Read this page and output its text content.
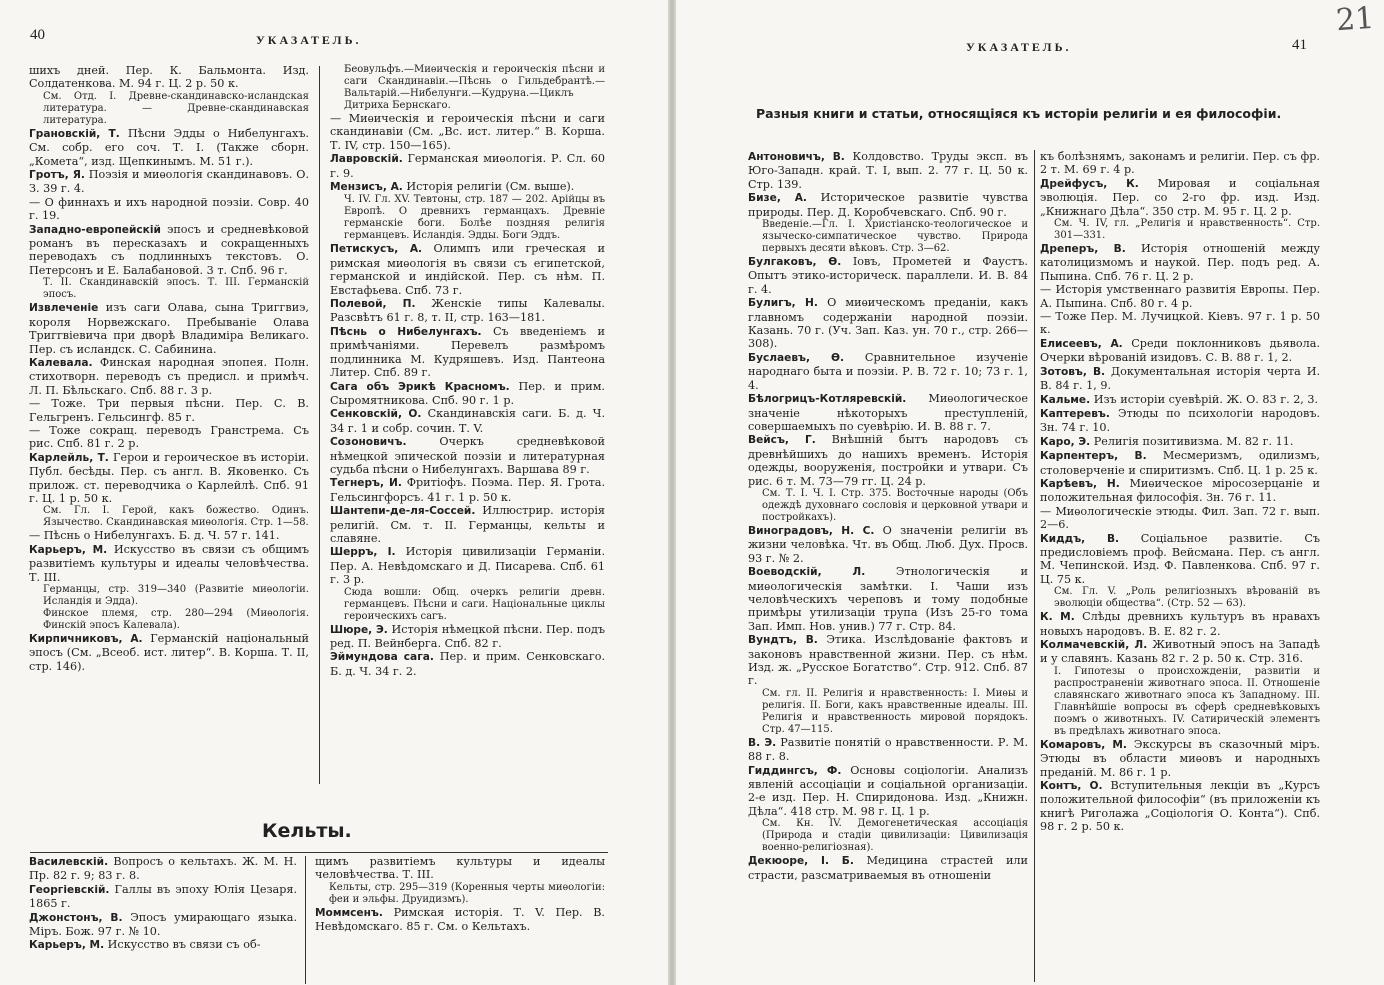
40	УКАЗАТЕЛЬ.

шихъ дней. Пер. К. Бальмонта. Изд. Солдатенкова. М. 94 г. Ц. 2 р. 50 к.

См. Отд. I. Древне-скандинавско-исландская литература. — Древне-скандинавская литература.

Грановскій, Т. Пѣсни Эдды о Нибелунгахъ. См. собр. его соч. Т. I. (Также сборн. „Комета“, изд. Щепкинымъ. М. 51 г.).

Гротъ, Я. Поэзія и миѳологія скандинавовъ. О. З. 39 г. 4.

— О финнахъ и ихъ народной поэзіи. Совр. 40 г. 19.

Западно-европейскій эпосъ и средневѣковой романъ въ пересказахъ и сокращенныхъ переводахъ съ подлинныхъ текстовъ. О. Петерсонъ и Е. Балабановой. 3 т. Спб. 96 г.

Т. II. Скандинавскій эпосъ. Т. III. Германскій эпосъ.

Извлеченіе изъ саги Олава, сына Триггвиэ, короля Норвежскаго. Пребываніе Олава Триггвіевича при дворѣ Владиміра Великаго. Пер. съ исландск. С. Сабинина.

Калевала. Финская народная эпопея. Полн. стихотворн. переводъ съ предисл. и примѣч. Л. П. Бѣльскаго. Спб. 88 г. 3 р.

— Тоже. Три первыя пѣсни. Пер. С. В. Гельгренъ. Гельсингф. 85 г.

— Тоже сокращ. переводъ Гранстрема. Съ рис. Спб. 81 г. 2 р.

Карлейль, Т. Герои и героическое въ исторіи. Публ. бесѣды. Пер. съ англ. В. Яковенко. Съ прилож. ст. переводчика о Карлейлѣ. Спб. 91 г. Ц. 1 р. 50 к.

См. Гл. I. Герой, какъ божество. Одинъ. Язычество. Скандинавская миѳологія. Стр. 1—58.

— Пѣснь о Нибелунгахъ. Б. д. Ч. 57 г. 141.

Карьеръ, М. Искусство въ связи съ общимъ развитіемъ культуры и идеалы человѣчества. Т. III.

Германцы, стр. 319—340 (Развитіе миѳологіи. Исландія и Эдда).

Финское племя, стр. 280—294 (Миѳологія. Финскій эпосъ Калевала).

Кирпичниковъ, А. Германскій національный эпосъ (См. „Всеоб. ист. литер“. В. Корша. Т. II, стр. 146).

Беовульфъ.—Миѳическія и героическія пѣсни и саги Скандинавіи.—Пѣснь о Гильдебрантѣ.—Вальтарій.—Нибелунги.—Кудруна.—Циклъ Дитриха Бернскаго.

— Миѳическія и героическія пѣсни и саги скандинавіи (См. „Вс. ист. литер.“ В. Корша. Т. IV, стр. 150—165).

Лавровскій. Германская миѳологія. Р. Сл. 60 г. 9.

Мензисъ, А. Исторія религіи (См. выше).

Ч. IV. Гл. XV. Тевтоны, стр. 187 — 202. Арійцы въ Европѣ. О древнихъ германцахъ. Древніе германскіе боги. Болѣе поздняя религія германцевъ. Исландія. Эдды. Боги Эддъ.

Петискусъ, А. Олимпъ или греческая и римская миѳологія въ связи съ египетской, германской и индійской. Пер. съ нѣм. П. Евстафьева. Спб. 73 г.

Полевой, П. Женскіе типы Калевалы. Разсвѣтъ 61 г. 8, т. II, стр. 163—181.

Пѣснь о Нибелунгахъ. Съ введеніемъ и примѣчаніями. Перевелъ размѣромъ подлинника М. Кудряшевъ. Изд. Пантеона Литер. Спб. 89 г.

Сага объ Эрикѣ Красномъ. Пер. и прим. Сыромятникова. Спб. 90 г. 1 р.

Сенковскій, О. Скандинавскія саги. Б. д. Ч. 34 г. 1 и собр. сочин. Т. V.

Созоновичъ.	Очеркъ средневѣковой нѣмецкой эпической поэзіи и литературная судьба пѣсни о Нибелунгахъ. Варшава 89 г.

Тегнеръ, И. Фритіофъ. Поэма. Пер. Я. Грота. Гельсингфорсъ. 41 г. 1 р. 50 к.

Шантепи-де-ля-Соссей. Иллюстрир. исторія религій. См. т. II. Германцы, кельты и славяне.

Шерръ, I. Исторія цивилизаціи Германіи. Пер. А. Невѣдомскаго и Д. Писарева. Спб. 61 г. 3 р.

Сюда вошли: Общ. очеркъ религіи древн. германцевъ. Пѣсни и саги. Національные циклы героическихъ сагъ.

Шюре, Э. Исторія нѣмецкой пѣсни. Пер. подъ ред. П. Вейнберга. Спб. 82 г.

Эймундова сага. Пер. и прим. Сенковскаго. Б. д. Ч. 34 г. 2.

Кельты.

Василевскій. Вопросъ о кельтахъ. Ж. М. Н. Пр. 82 г. 9; 83 г. 8.

Георгіевскій. Галлы въ эпоху Юлія Цезаря. 1865 г.

Джонстонъ, В. Эпосъ умирающаго языка. Міръ. Бож. 97 г. № 10.

Карьеръ, М. Искусство въ связи съ об-

щимъ развитіемъ культуры и идеалы человѣчества. Т. III.

Кельты, стр. 295—319 (Коренныя черты миѳологіи: феи и эльфы. Друидизмъ).

Моммсенъ. Римская исторія. Т. V. Пер. В. Невѣдомскаго. 85 г. См. о Кельтахъ.

УКАЗАТЕЛЬ.	41
21
Разныя книги и статьи, относящіяся къ исторіи религіи и ея философіи.

Антоновичъ, В. Колдовство. Труды эксп. въ Юго-Западн. край. Т. I, вып. 2. 77 г. Ц. 50 к. Стр. 139.

Бизе, А. Историческое развитіе чувства природы. Пер. Д. Коробчевскаго. Спб. 90 г.

Введеніе.—Гл. I. Христіанско-теологическое и языческо-симпатическое чувство. Природа первыхъ десяти вѣковъ. Стр. 3—62.

Булгаковъ, Ѳ. Іовъ, Прометей и Фаустъ. Опытъ этико-историческ. параллели. И. В. 84 г. 4.

Булигъ, Н. О миѳическомъ преданіи, какъ главномъ содержаніи народной поэзіи. Казань. 70 г. (Уч. Зап. Каз. ун. 70 г., стр. 266—308).

Буслаевъ, Ѳ. Сравнительное изученіе народнаго быта и поэзіи. Р. В. 72 г. 10; 73 г. 1, 4.

Бѣлогрицъ-Котляревскій. Миѳологическое значеніе нѣкоторыхъ преступленій, совершаемыхъ по суевѣрію. И. В. 88 г. 7.

Вейсъ, Г. Внѣшній бытъ народовъ съ древнѣйшихъ до нашихъ временъ. Исторія одежды, вооруженія, постройки и утвари. Съ рис. 6 т. М. 73—79 гг. Ц. 24 р.

См. Т. I. Ч. I. Стр. 375. Восточные народы (Объ одеждѣ духовнаго сословія и церковной утвари и постройкахъ).

Виноградовъ, Н. С. О значеніи религіи въ жизни человѣка. Чт. въ Общ. Люб. Дух. Просв. 93 г. № 2.

Воеводскій, Л.	Этнологическія и миѳологическія замѣтки. I. Чаши изъ человѣческихъ череповъ и тому подобные примѣры утилизаціи трупа (Изъ 25-го тома Зап. Имп. Нов. унив.) 77 г. Стр. 84.

Вундтъ, В. Этика. Изслѣдованіе фактовъ и законовъ нравственной жизни. Пер. съ нѣм. Изд. ж. „Русское Богатство“. Стр. 912. Спб. 87 г.

См. гл. II. Религія и нравственность: I. Миѳы и религія. II. Боги, какъ нравственные идеалы. III. Религія и нравственность мировой порядокъ. Стр. 47—115.

В. Э. Развитіе понятій о нравственности. Р. М. 88 г. 8.

Гиддингсъ, Ф. Основы соціологіи. Анализъ явленій ассоціаціи и соціальной организаціи. 2-е изд. Пер. Н. Спиридонова. Изд. „Книжн. Дѣла“. 418 стр. М. 98 г. Ц. 1 р.

См. Кн. IV. Демогенетическая ассоціація (Природа и стадіи цивилизаціи: Цивилизація военно-религіозная).

Декюоре, I. Б. Медицина страстей или страсти, разсматриваемыя въ отношеніи

къ болѣзнямъ, законамъ и религіи. Пер. съ фр. 2 т. М. 69 г. 4 р.

Дрейфусъ, К. Мировая и соціальная эволюція. Пер. со 2-го фр. изд. Изд. „Книжнаго Дѣла“. 350 стр. М. 95 г. Ц. 2 р.

См. Ч. IV, гл. „Религія и нравственность“. Стр. 301—331.

Дреперъ, В. Исторія отношеній между католицизмомъ и наукой. Пер. подъ ред. А. Пыпина. Спб. 76 г. Ц. 2 р.

— Исторія умственнаго развитія Европы. Пер. А. Пыпина. Спб. 80 г. 4 р.

— Тоже Пер. М. Лучицкой. Кіевъ. 97 г. 1 р. 50 к.

Елисеевъ, А. Среди поклонниковъ дьявола. Очерки вѣрованій изидовъ. С. В. 88 г. 1, 2.

Зотовъ, В. Документальная исторія черта И. В. 84 г. 1, 9.

Кальме. Изъ исторіи суевѣрій. Ж. О. 83 г. 2, 3.

Каптеревъ. Этюды по психологіи народовъ. Зн. 74 г. 10.

Каро, Э. Религія позитивизма. М. 82 г. 11.

Карпентеръ, В. Месмеризмъ, одилизмъ, столоверченіе и спиритизмъ. Спб. Ц. 1 р. 25 к.

Карѣевъ, Н. Миѳическое міросозерцаніе и положительная философія. Зн. 76 г. 11.

— Миѳологическіе этюды. Фил. Зап. 72 г. вып. 2—6.

Киддъ, В. Соціальное развитіе. Съ предисловіемъ проф. Вейсмана. Пер. съ англ. М. Чепинской. Изд. Ф. Павленкова. Спб. 97 г. Ц. 75 к.

См. Гл. V. „Роль религіозныхъ вѣрованій въ эволюціи общества“. (Стр. 52 — 63).

К. М. Слѣды древнихъ культуръ въ нравахъ новыхъ народовъ. В. Е. 82 г. 2.

Колмачевскій, Л. Животный эпосъ на Западѣ и у славянъ. Казань 82 г. 2 р. 50 к. Стр. 316.

I. Гипотезы о происхожденіи, развитіи и распространеніи животнаго эпоса. II. Отношеніе славянскаго животнаго эпоса къ Западному. III. Главнѣйшіе вопросы въ сферѣ средневѣковыхъ поэмъ о животныхъ. IV. Сатирическій элементъ въ предѣлахъ животнаго эпоса.

Комаровъ, М. Экскурсы въ сказочный міръ. Этюды въ области миѳовъ и народныхъ преданій. М. 86 г. 1 р.

Контъ, О. Вступительныя лекціи въ „Курсъ положительной философіи“ (въ приложеніи къ книгѣ Риголажа „Соціологія О. Конта“). Спб. 98 г. 2 р. 50 к.
